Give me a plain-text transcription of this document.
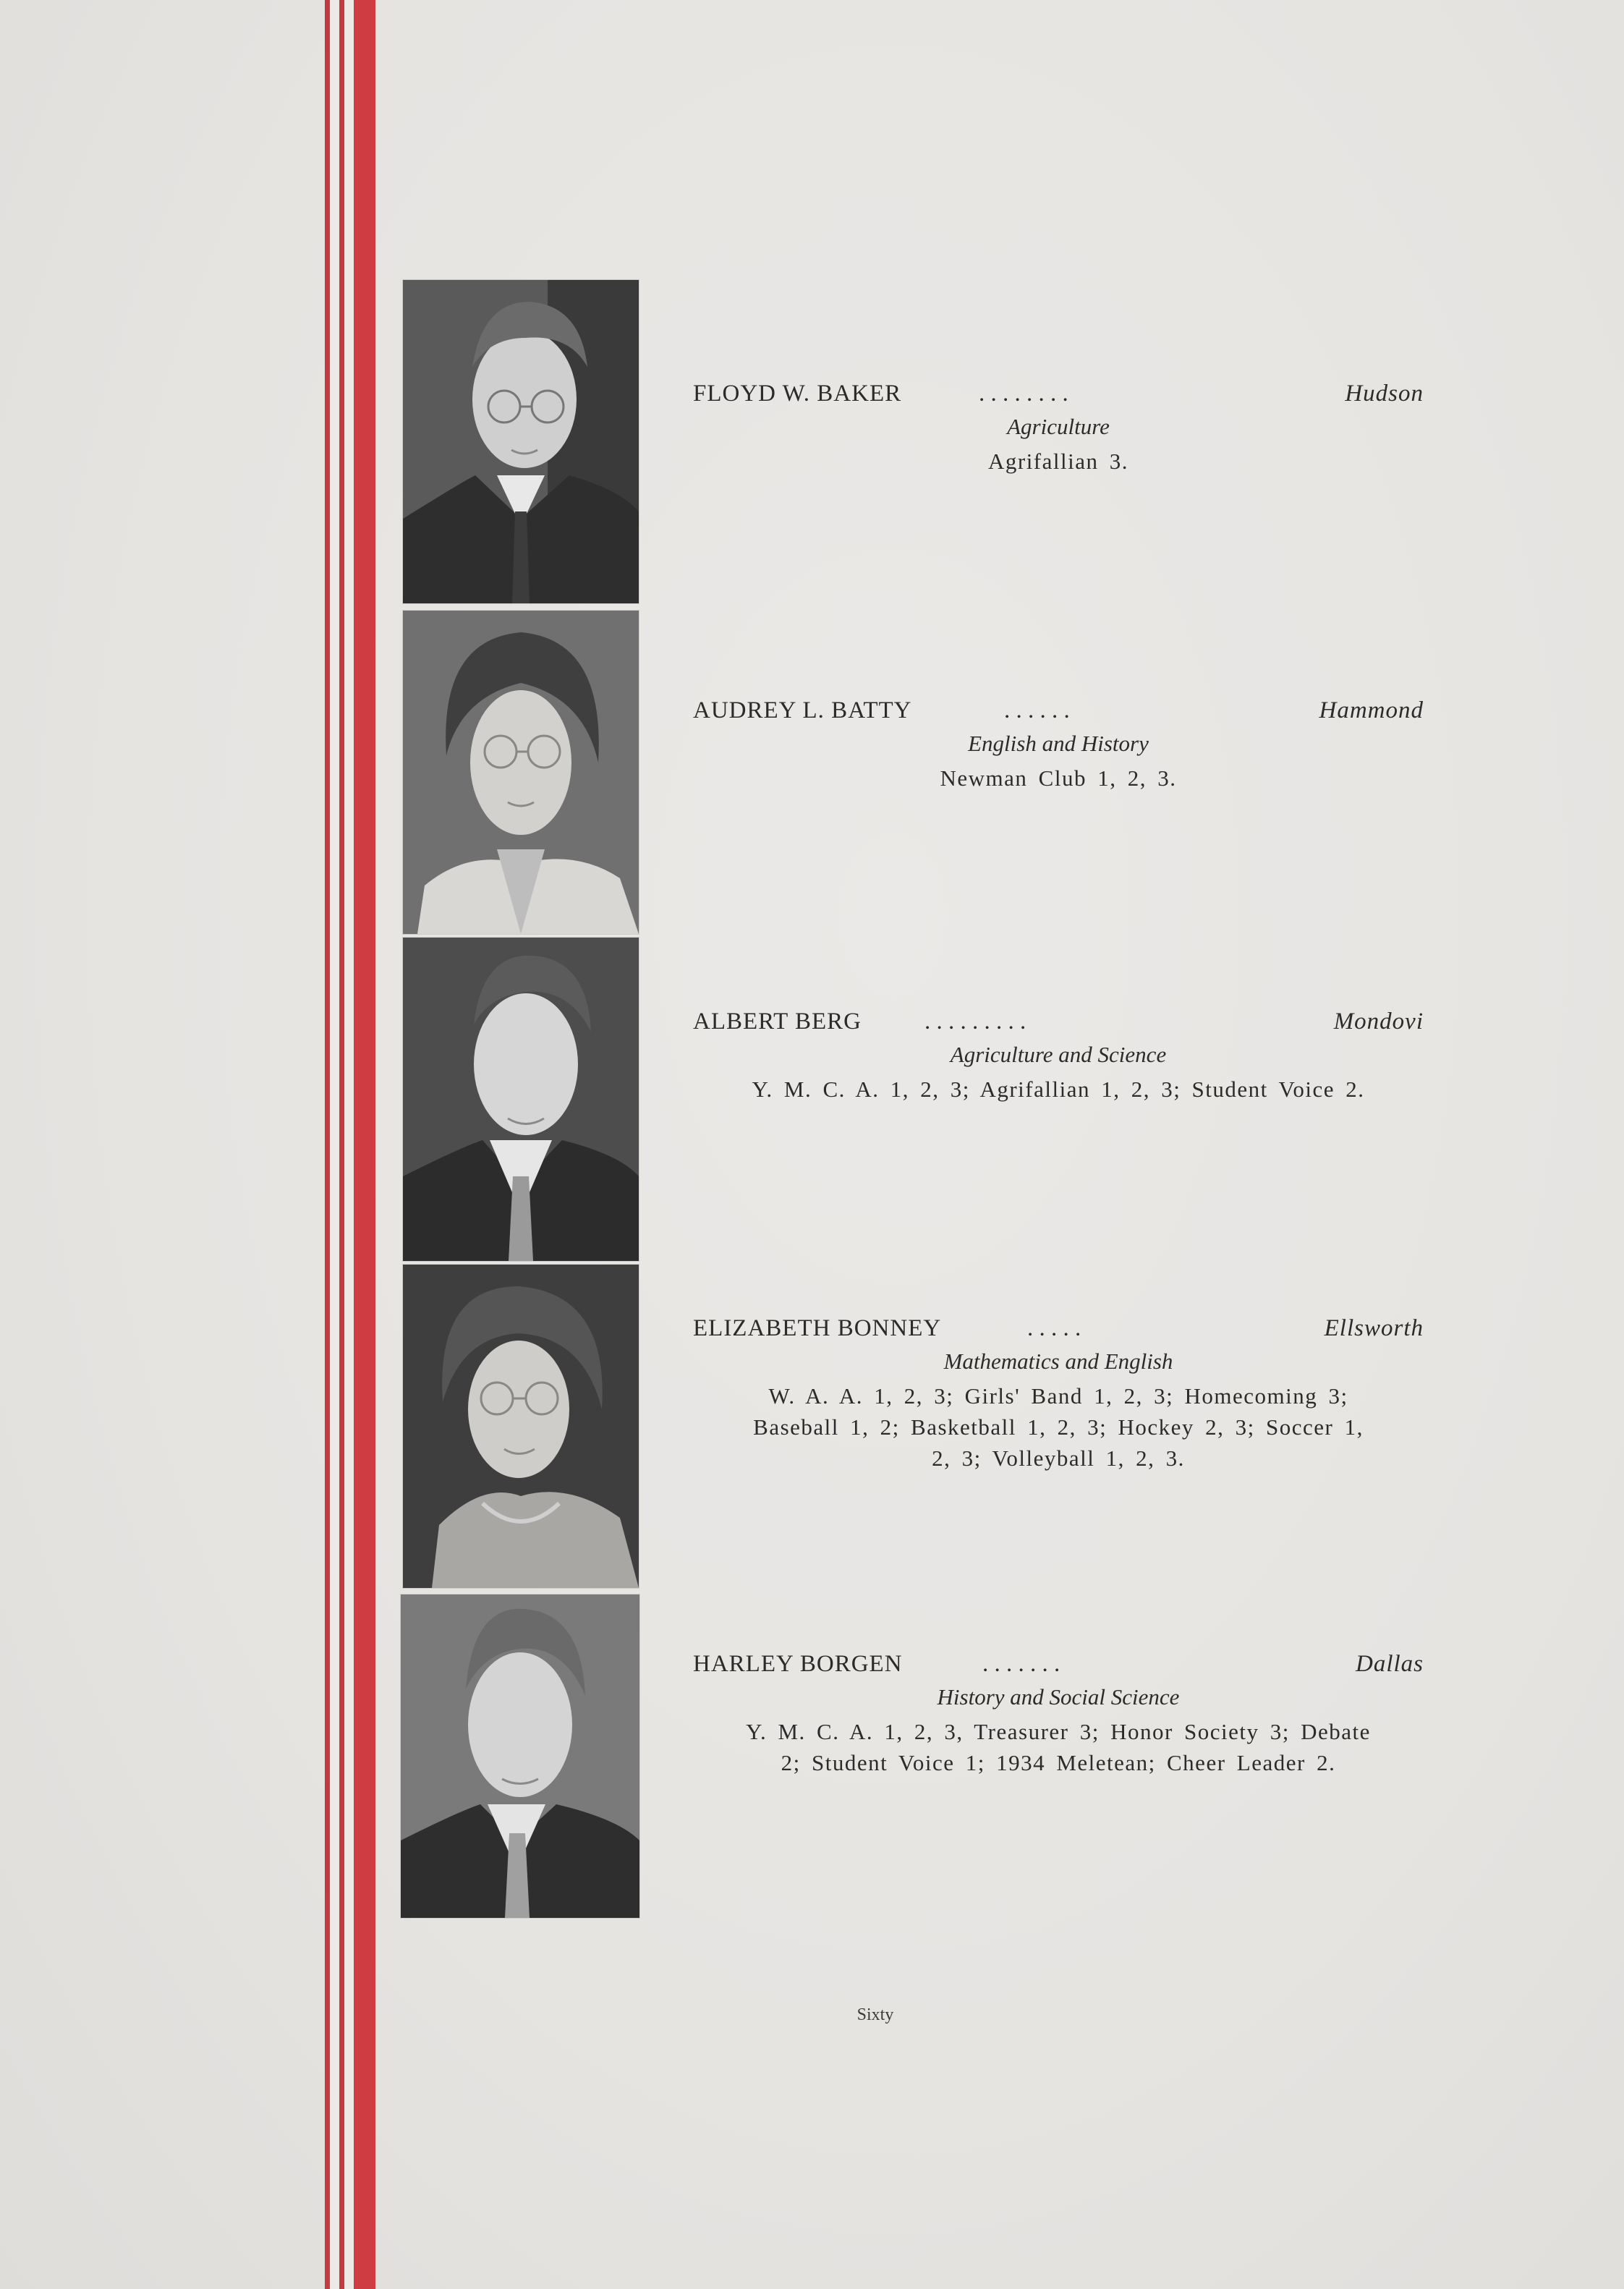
FLOYD W. BAKER	. . . . . . . .	Hudson
Agriculture
Agrifallian 3.
AUDREY L. BATTY	. . . . . .	Hammond
English and History
Newman Club 1, 2, 3.
ALBERT BERG	. . . . . . . . .	Mondovi
Agriculture and Science
Y. M. C. A. 1, 2, 3; Agrifallian 1, 2, 3; Student Voice 2.
ELIZABETH BONNEY	. . . . .	Ellsworth
Mathematics and English
W. A. A. 1, 2, 3; Girls' Band 1, 2, 3; Homecoming 3; Baseball 1, 2; Basketball 1, 2, 3; Hockey 2, 3; Soccer 1, 2, 3; Volleyball 1, 2, 3.
HARLEY BORGEN	. . . . . . .	Dallas
History and Social Science
Y. M. C. A. 1, 2, 3, Treasurer 3; Honor Society 3; Debate 2; Student Voice 1; 1934 Meletean; Cheer Leader 2.
Sixty
